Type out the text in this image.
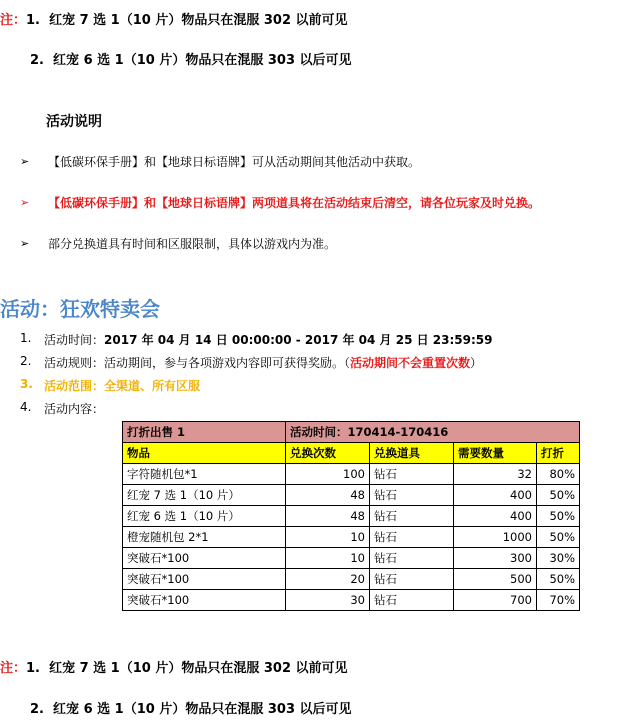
注：1. 红宠 7 选 1（10 片）物品只在混服 302 以前可见
2. 红宠 6 选 1（10 片）物品只在混服 303 以后可见
活动说明
➢	【低碳环保手册】和【地球日标语牌】可从活动期间其他活动中获取。
➢	【低碳环保手册】和【地球日标语牌】两项道具将在活动结束后清空，请各位玩家及时兑换。
➢	部分兑换道具有时间和区服限制，具体以游戏内为准。
活动：狂欢特卖会
1.	活动时间： 2017 年 04 月 14 日 00:00:00 - 2017 年 04 月 25 日 23:59:59
2.	活动规则：活动期间，参与各项游戏内容即可获得奖励。（ 活动期间不会重置次数 ）
3. 活动范围：全渠道、所有区服
4.	活动内容：
打折出售 1	活动时间：170414-170416			
物品	兑换次数	兑换道具	需要数量	打折
字符随机包*1	100	钻石	32	80%
红宠 7 选 1（10 片）	48	钻石	400	50%
红宠 6 选 1（10 片）	48	钻石	400	50%
橙宠随机包 2*1	10	钻石	1000	50%
突破石*100	10	钻石	300	30%
突破石*100	20	钻石	500	50%
突破石*100	30	钻石	700	70%
注：1. 红宠 7 选 1（10 片）物品只在混服 302 以前可见
2. 红宠 6 选 1（10 片）物品只在混服 303 以后可见
